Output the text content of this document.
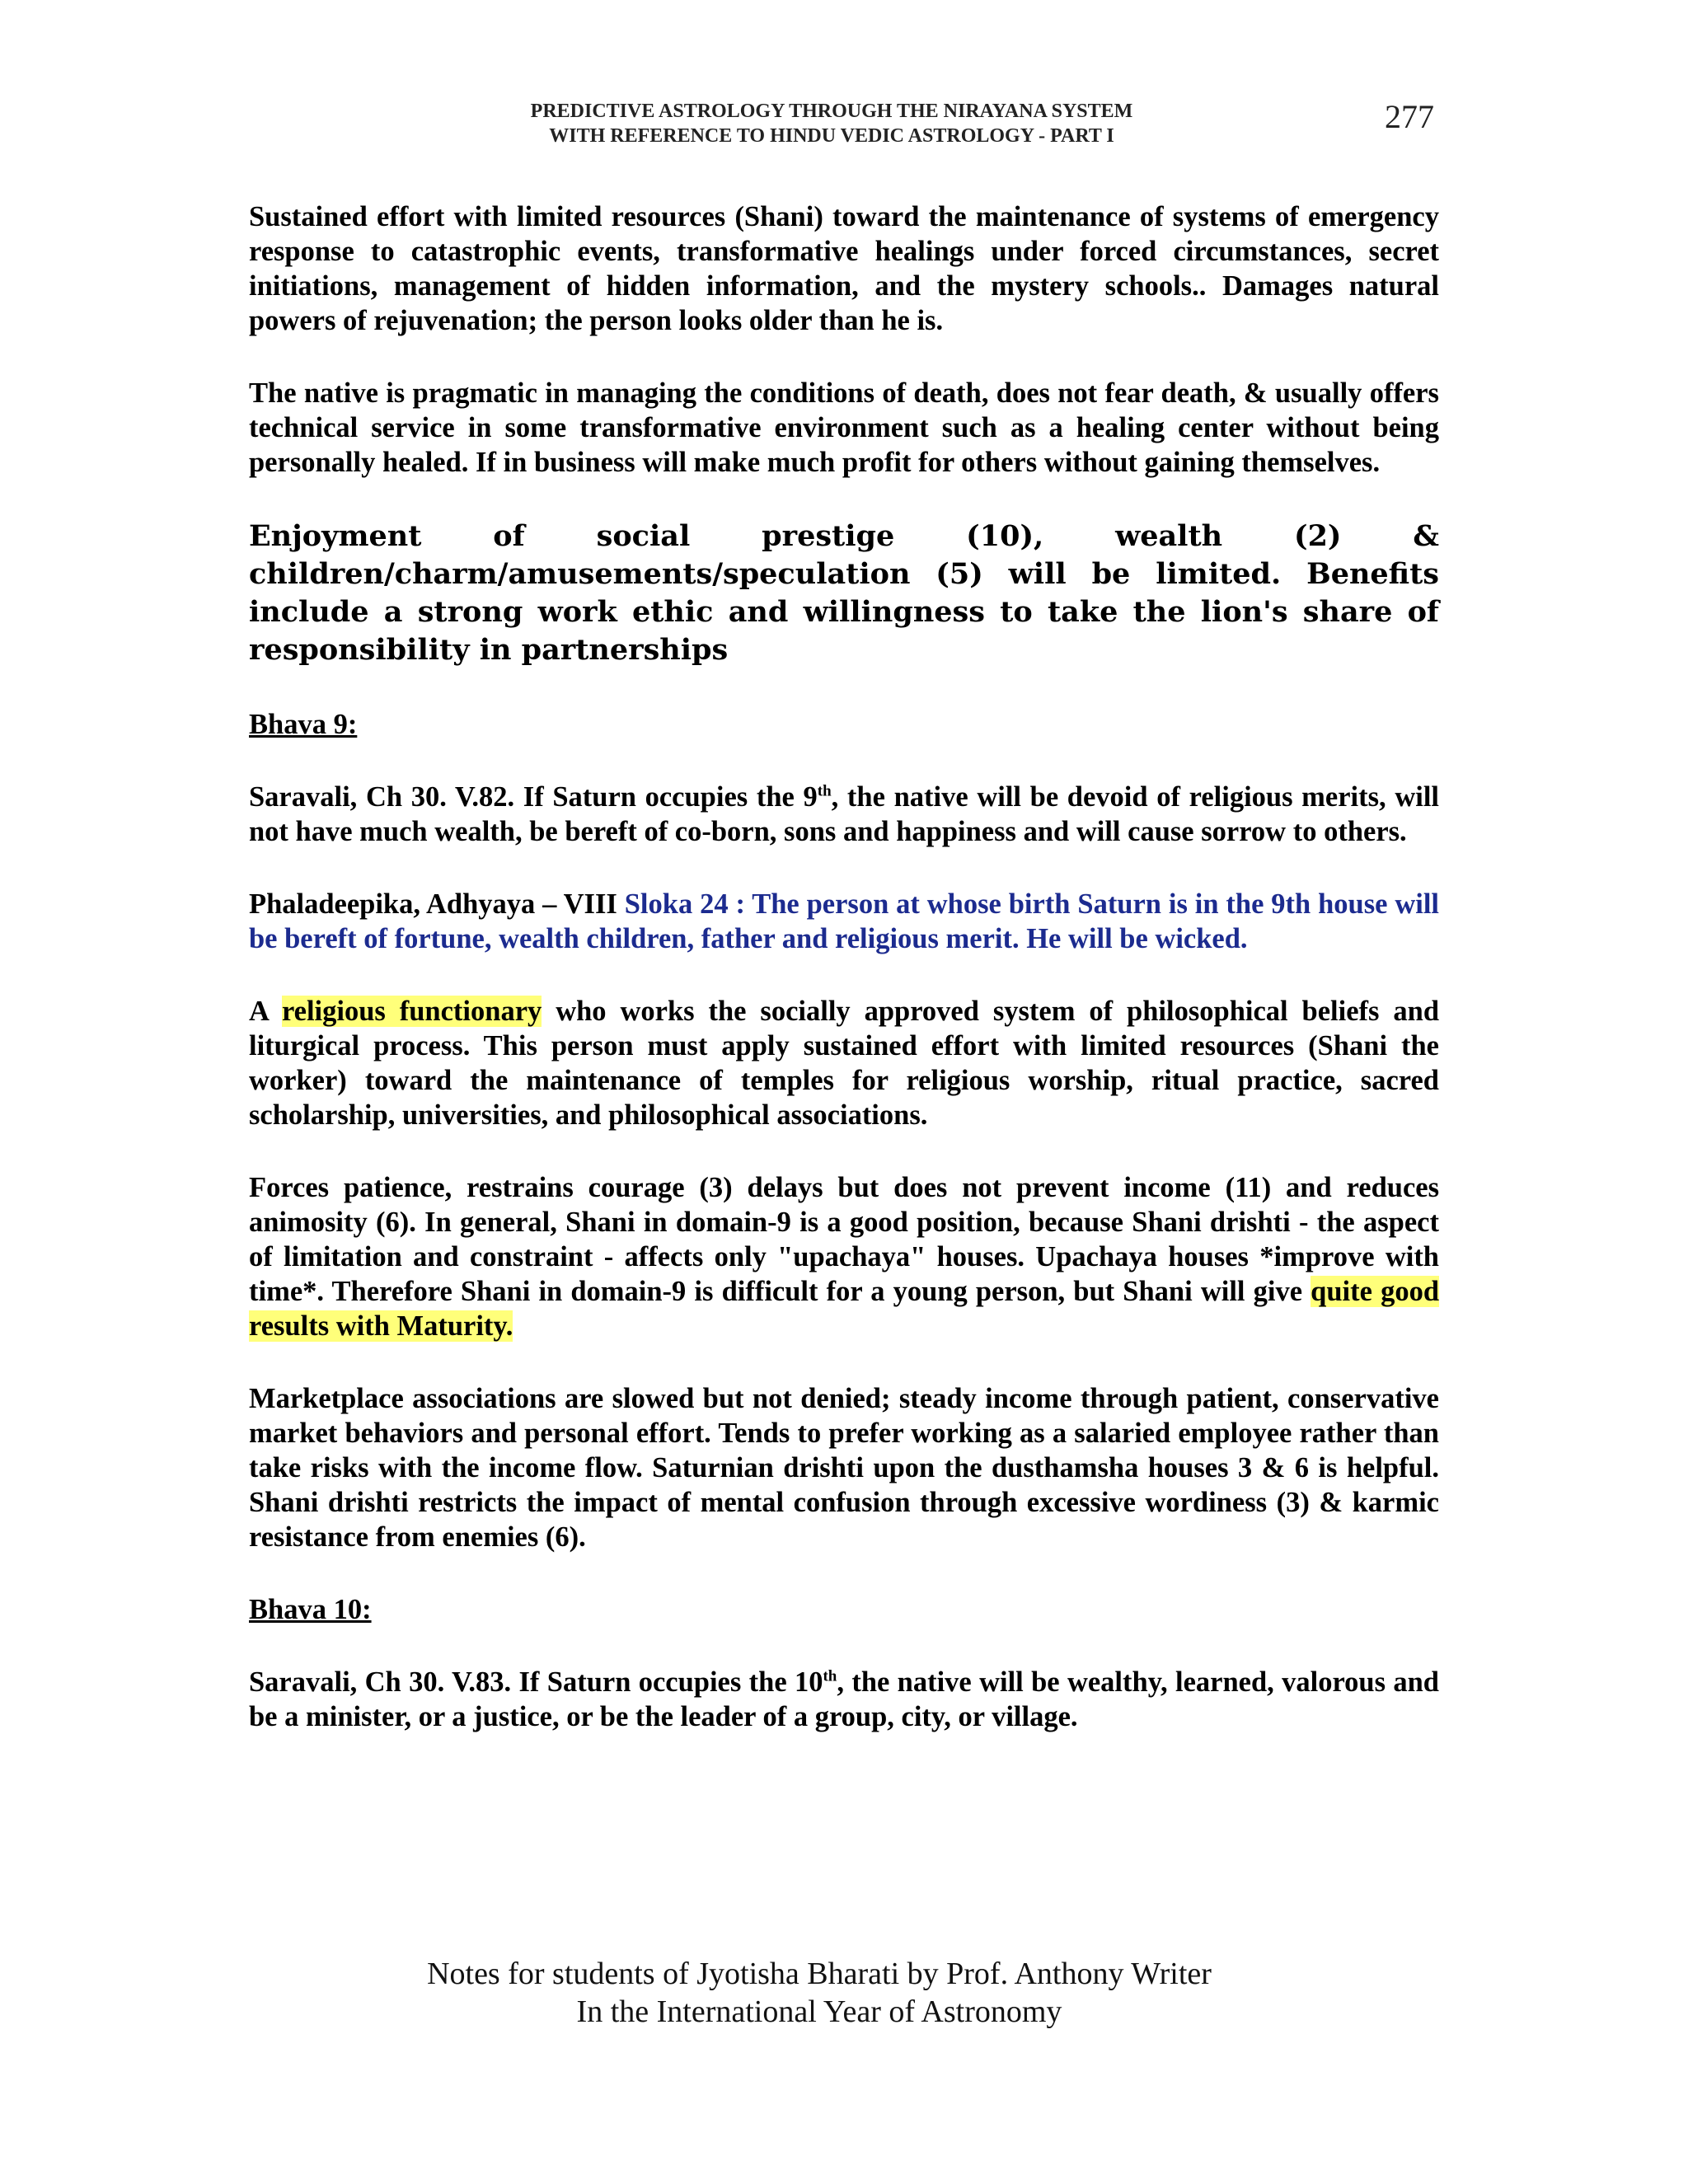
PREDICTIVE ASTROLOGY THROUGH THE NIRAYANA SYSTEM
WITH REFERENCE TO HINDU VEDIC ASTROLOGY - PART I
277

Sustained effort with limited resources (Shani) toward the maintenance of systems of emergency response to catastrophic events, transformative healings under forced circumstances, secret initiations, management of hidden information, and the mystery schools.. Damages natural powers of rejuvenation; the person looks older than he is.

The native is pragmatic in managing the conditions of death, does not fear death, & usually offers technical service in some transformative environment such as a healing center without being personally healed. If in business will make much profit for others without gaining themselves.

Enjoyment of social prestige (10), wealth (2) & children/charm/amusements/speculation (5) will be limited. Benefits include a strong work ethic and willingness to take the lion's share of responsibility in partnerships

Bhava 9:

Saravali, Ch 30. V.82. If Saturn occupies the 9th, the native will be devoid of religious merits, will not have much wealth, be bereft of co-born, sons and happiness and will cause sorrow to others.

Phaladeepika, Adhyaya – VIII Sloka 24 : The person at whose birth Saturn is in the 9th house will be bereft of fortune, wealth children, father and religious merit. He will be wicked.

A religious functionary who works the socially approved system of philosophical beliefs and liturgical process. This person must apply sustained effort with limited resources (Shani the worker) toward the maintenance of temples for religious worship, ritual practice, sacred scholarship, universities, and philosophical associations.

Forces patience, restrains courage (3) delays but does not prevent income (11) and reduces animosity (6). In general, Shani in domain-9 is a good position, because Shani drishti - the aspect of limitation and constraint - affects only "upachaya" houses. Upachaya houses *improve with time*. Therefore Shani in domain-9 is difficult for a young person, but Shani will give quite good results with Maturity.

Marketplace associations are slowed but not denied; steady income through patient, conservative market behaviors and personal effort. Tends to prefer working as a salaried employee rather than take risks with the income flow. Saturnian drishti upon the dusthamsha houses 3 & 6 is helpful. Shani drishti restricts the impact of mental confusion through excessive wordiness (3) & karmic resistance from enemies (6).

Bhava 10:

Saravali, Ch 30. V.83. If Saturn occupies the 10th, the native will be wealthy, learned, valorous and be a minister, or a justice, or be the leader of a group, city, or village.

Notes for students of Jyotisha Bharati by Prof. Anthony Writer
In the International Year of Astronomy
